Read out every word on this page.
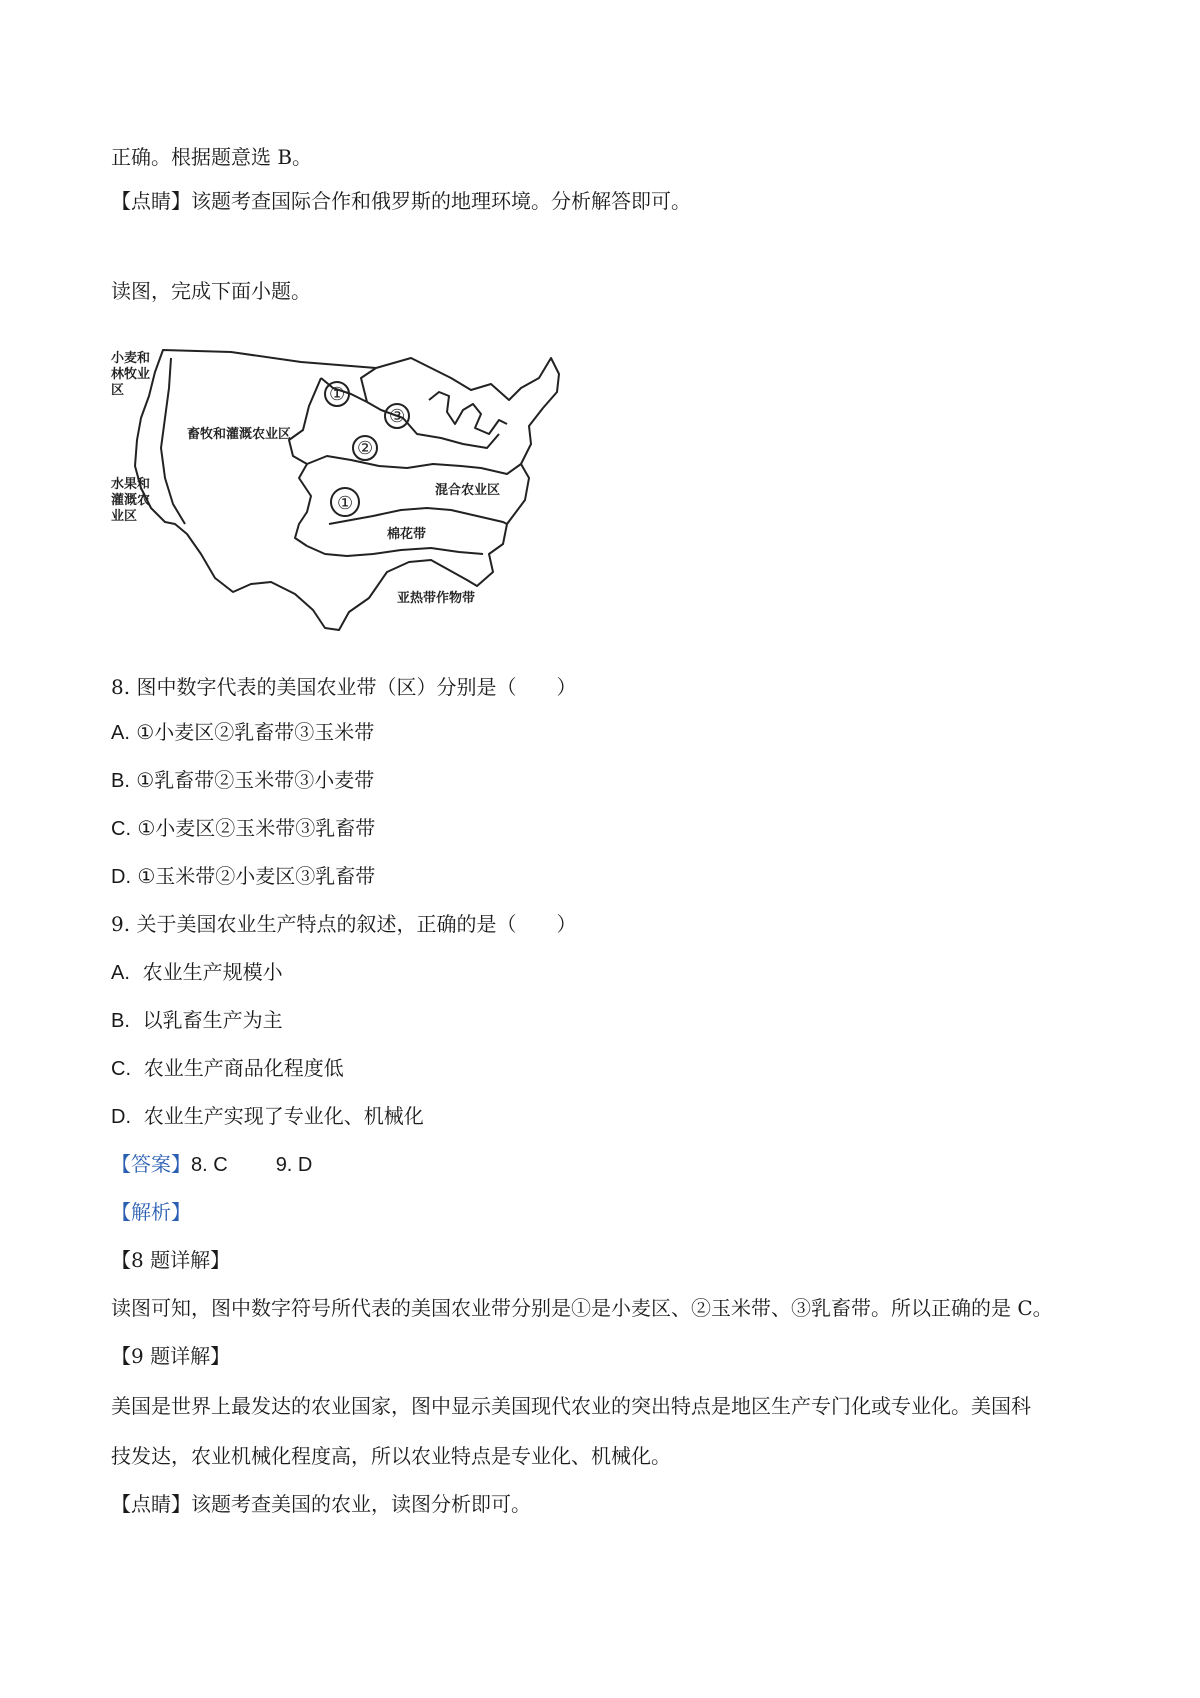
正确。根据题意选 B。
【点睛】该题考查国际合作和俄罗斯的地理环境。分析解答即可。
读图，完成下面小题。
小麦和
林牧业
区
畜牧和灌溉农业区
水果和
灌溉农
业区
混合农业区
棉花带
亚热带作物带
①
③
②
①
8. 图中数字代表的美国农业带（区）分别是（　　）
A. ①小麦区②乳畜带③玉米带
B. ①乳畜带②玉米带③小麦带
C. ①小麦区②玉米带③乳畜带
D. ①玉米带②小麦区③乳畜带
9. 关于美国农业生产特点的叙述，正确的是（　　）
A. 农业生产规模小
B. 以乳畜生产为主
C. 农业生产商品化程度低
D. 农业生产实现了专业化、机械化
【答案】8. C 9. D
【解析】
【8 题详解】
读图可知，图中数字符号所代表的美国农业带分别是①是小麦区、②玉米带、③乳畜带。所以正确的是 C。
【9 题详解】
美国是世界上最发达的农业国家，图中显示美国现代农业的突出特点是地区生产专门化或专业化。美国科
技发达，农业机械化程度高，所以农业特点是专业化、机械化。
【点睛】该题考查美国的农业，读图分析即可。
